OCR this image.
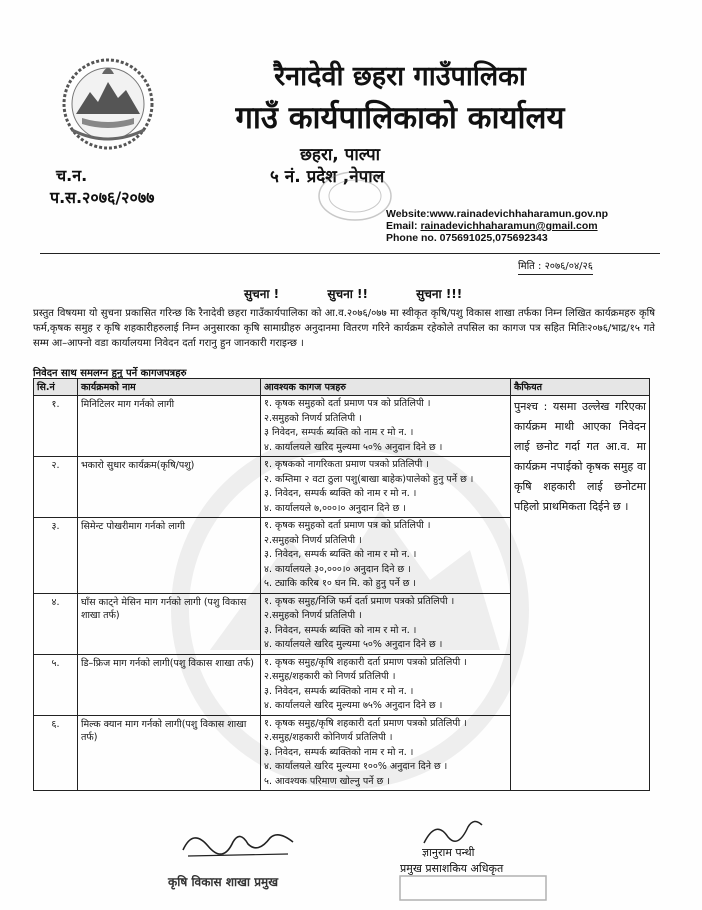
रैनादेवी छहरा गाउँपालिका
गाउँ कार्यपालिकाको कार्यालय
छहरा, पाल्पा
५ नं. प्रदेश ,नेपाल
च.न.
प.स.२०७६/२०७७
Website:www.rainadevichhaharamun.gov.np
Email: rainadevichhaharamun@gmail.com
Phone no. 075691025,075692343
मिति : २०७६/०४/२६
सुचना !	सुचना !!	सुचना !!!
प्रस्तुत विषयमा यो सुचना प्रकासित गरिन्छ कि रैनादेवी छहरा गाउँकार्यपालिका को आ.व.२०७६/०७७ मा स्वीकृत कृषि/पशु विकास शाखा तर्फका निम्न लिखित कार्यक्रमहरु कृषि फर्म,कृषक समुह र कृषि शहकारीहरुलाई निम्न अनुसारका कृषि सामाग्रीहरु अनुदानमा वितरण गरिने कार्यक्रम रहेकोले तपसिल का कागज पत्र सहित मितिः२०७६/भाद्र/१५ गते सम्म आ–आफ्नो वडा कार्यालयमा निवेदन दर्ता गरानु हुन जानकारी गराइन्छ ।
निवेदन साथ समलग्न हुनु पर्ने कागजपत्रहरु
सि.नं	कार्यक्रमको नाम	आवश्यक कागज पत्रहरु	कैफियत
१.	मिनिटिलर माग गर्नको लागी	१. कृषक समुहको दर्ता प्रमाण पत्र को प्रतिलिपी ।
२.समुहको निणर्य प्रतिलिपी ।
३ निवेदन, सम्पर्क ब्यक्ति को नाम र मो न. ।
४. कार्यालयले खरिद मुल्यमा ५०% अनुदान दिने छ ।	पुनश्च : यसमा उल्लेख गरिएका कार्यक्रम माथी आएका निवेदन लाई छनोट गर्दा गत आ.व. मा कार्यक्रम नपाईको कृषक समुह वा कृषि शहकारी लाई छनोटमा पहिलो प्राथमिकता दिईने छ ।
२.	भकारो सुधार कार्यक्रम(कृषि/पशु)	१. कृषकको नागरिकता प्रमाण पत्रको प्रतिलिपी ।
२. कम्तिमा २ वटा ठुला पशु(बाखा बाहेक)पालेको हुनु पर्ने छ ।
३. निवेदन, सम्पर्क ब्यक्ति को नाम र मो न. ।
४. कार्यालयले ७,०००।० अनुदान दिने छ ।	

३.	सिमेन्ट पोखरीमाग गर्नको लागी	१. कृषक समुहको दर्ता प्रमाण पत्र को प्रतिलिपी ।
२.समुहको निणर्य प्रतिलिपी ।
३. निवेदन, सम्पर्क ब्यक्ति को नाम र मो न. ।
४. कार्यालयले ३०,०००।० अनुदान दिने छ ।
५. ट्याकि करिब १० घन मि. को हुनु पर्ने छ ।	

४.	घाँस काट्ने मेसिन माग गर्नको लागी (पशु विकास शाखा तर्फ)	१. कृषक समुह/निजि फर्म दर्ता प्रमाण पत्रको प्रतिलिपी ।
२.समुहको निणर्य प्रतिलिपी ।
३. निवेदन, सम्पर्क ब्यक्ति को नाम र मो न. ।
४. कार्यालयले खरिद मुल्यमा ५०% अनुदान दिने छ ।	

५.	डि–फ्रिज माग गर्नको लागी(पशु विकास शाखा तर्फ)	१. कृषक समुह/कृषि शहकारी दर्ता प्रमाण पत्रको प्रतिलिपी ।
२.समुह/शहकारी को निणर्य प्रतिलिपी ।
३. निवेदन, सम्पर्क ब्यक्तिको नाम र मो न. ।
४. कार्यालयले खरिद मुल्यमा ७५% अनुदान दिने छ ।	

६.	मिल्क क्यान माग गर्नको लागी(पशु विकास शाखा तर्फ)	१. कृषक समुह/कृषि शहकारी दर्ता प्रमाण पत्रको प्रतिलिपी ।
२.समुह/शहकारी कोनिणर्य प्रतिलिपी ।
३. निवेदन, सम्पर्क ब्यक्तिको नाम र मो न. ।
४. कार्यालयले खरिद मुल्यमा १००% अनुदान दिने छ ।
५. आवश्यक परिमाण खोल्नु पर्ने छ ।	
कृषि विकास शाखा प्रमुख
ज्ञानुराम पन्थी
प्रमुख प्रसाशकिय अधिकृत
